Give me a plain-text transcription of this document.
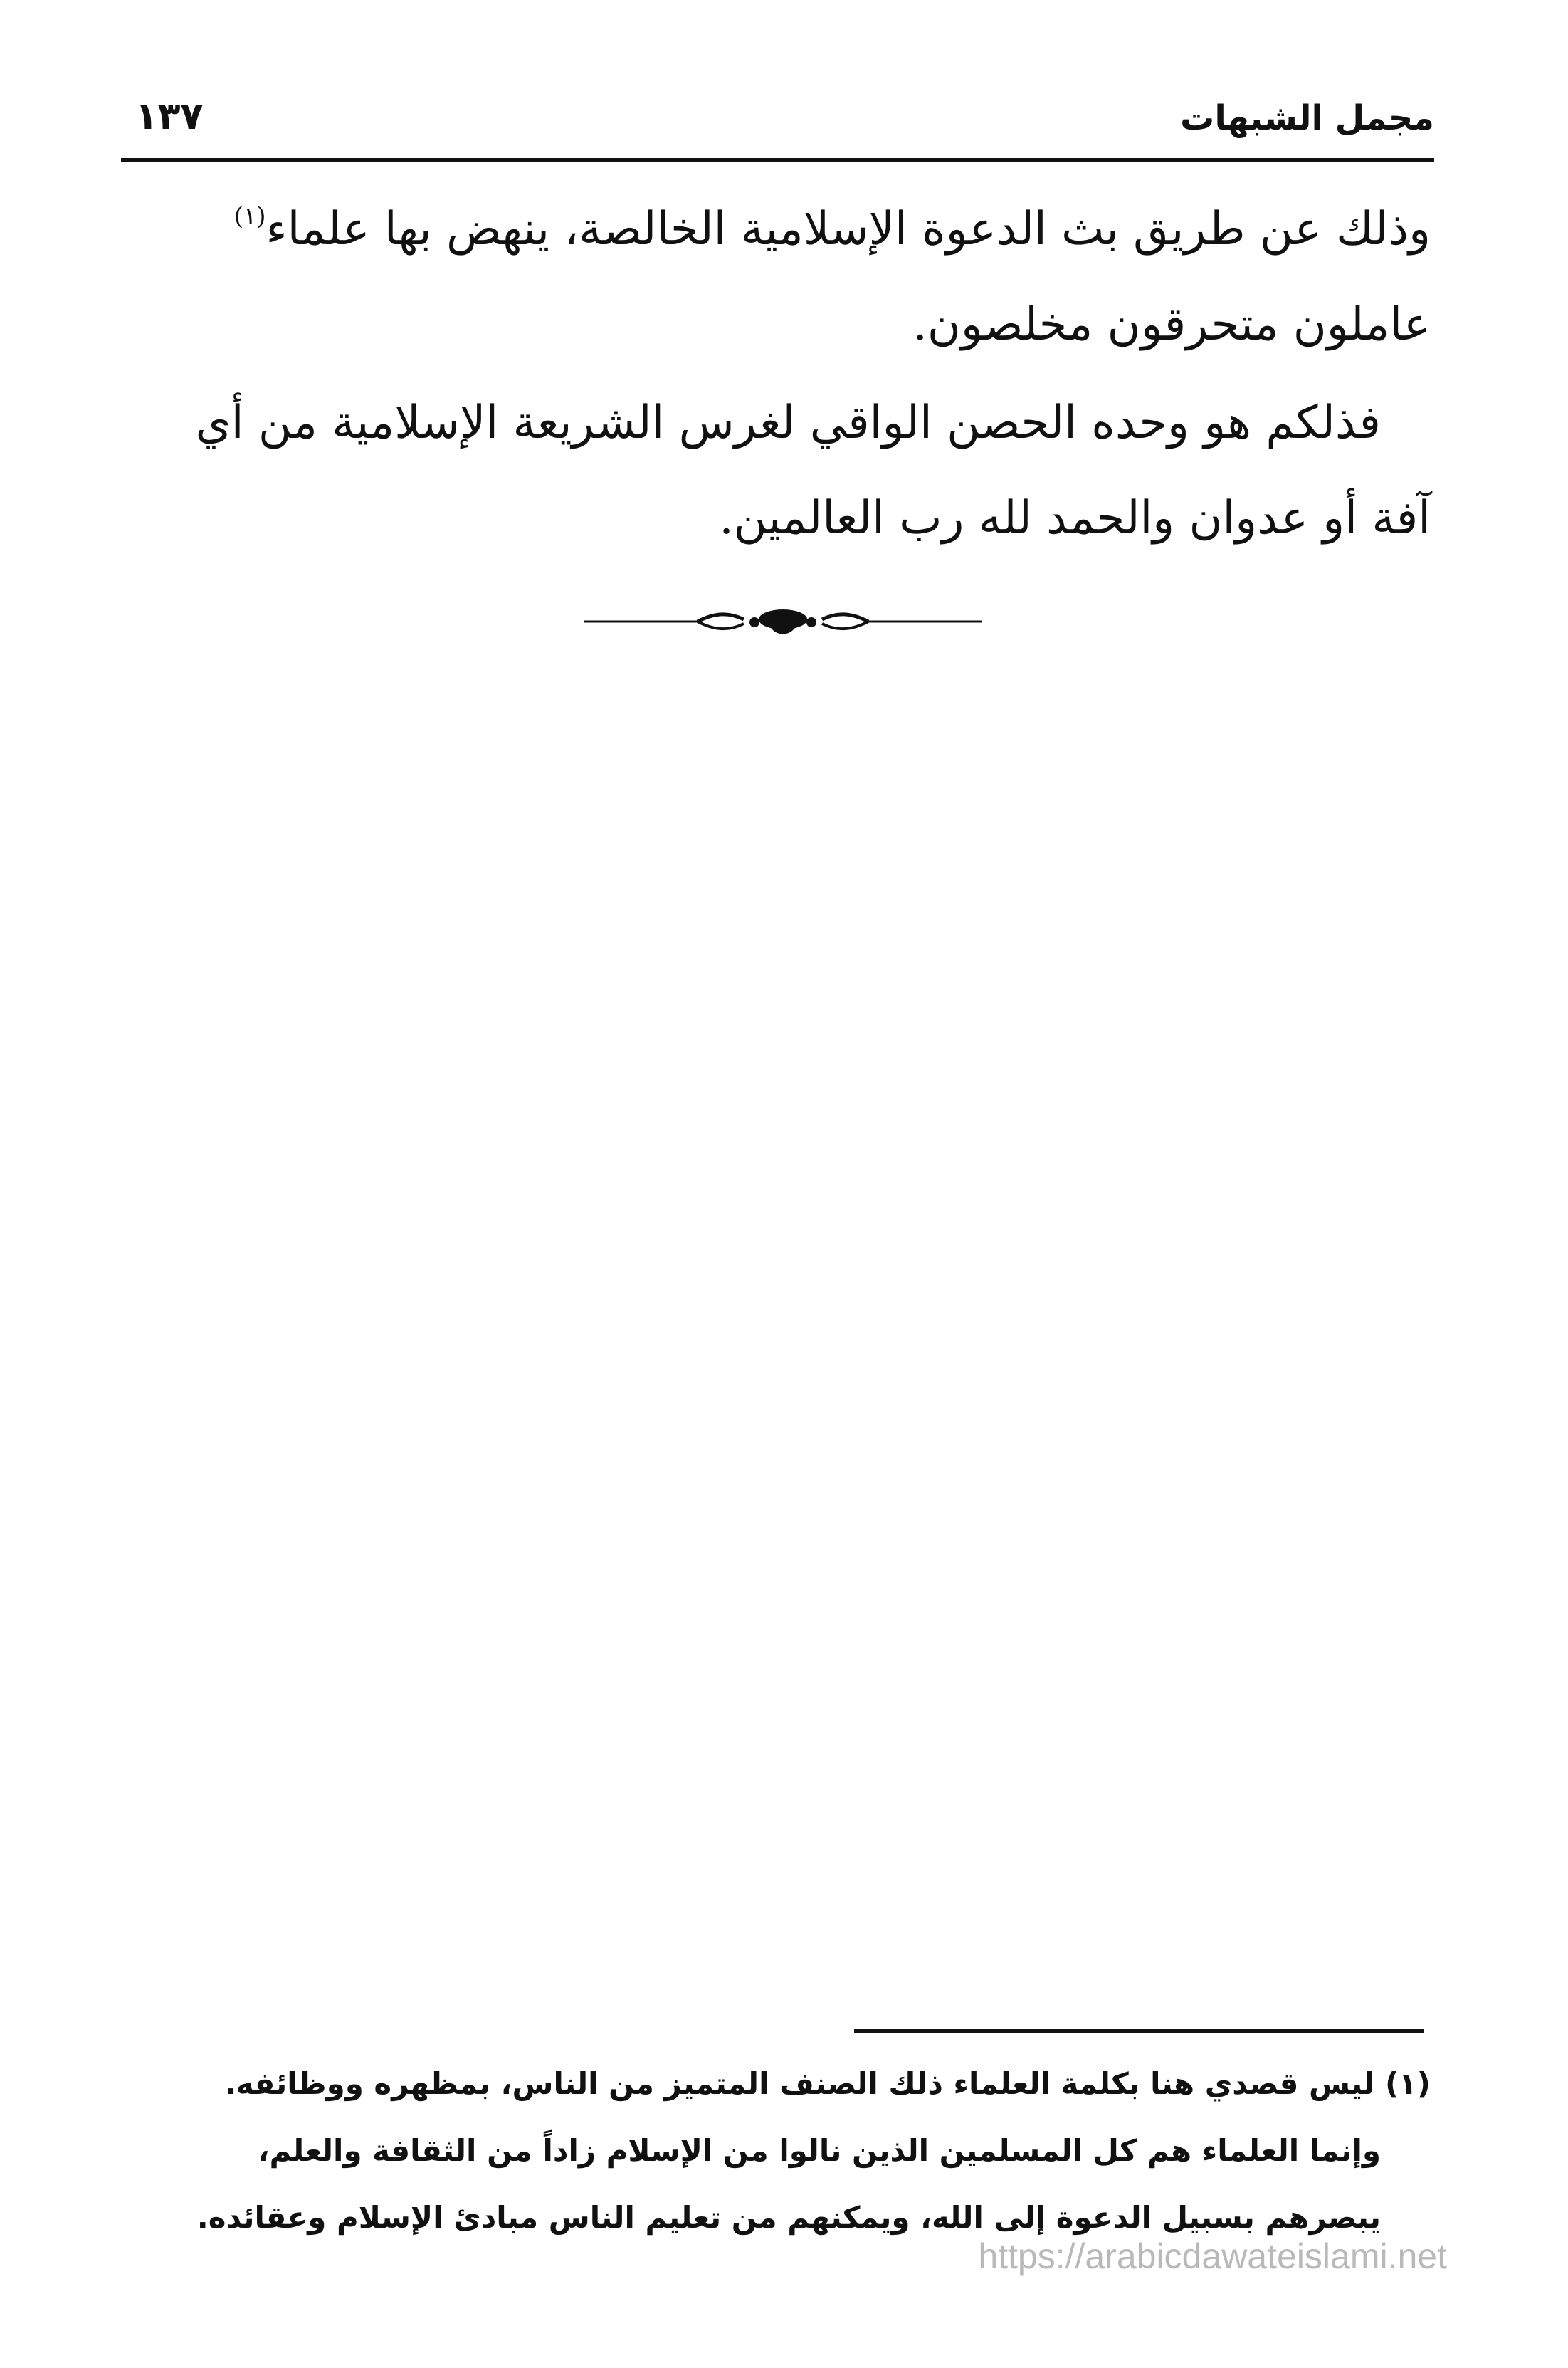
مجمل الشبهات
١٣٧

وذلك عن طريق بث الدعوة الإسلامية الخالصة، ينهض بها علماء$^{(١)}$
عاملون متحرقون مخلصون.

فذلكم هو وحده الحصن الواقي لغرس الشريعة الإسلامية من أي
آفة أو عدوان والحمد لله رب العالمين.

(١) ليس قصدي هنا بكلمة العلماء ذلك الصنف المتميز من الناس، بمظهره ووظائفه.
وإنما العلماء هم كل المسلمين الذين نالوا من الإسلام زاداً من الثقافة والعلم،
يبصرهم بسبيل الدعوة إلى الله، ويمكنهم من تعليم الناس مبادئ الإسلام وعقائده.
https://arabicdawateislami.net
